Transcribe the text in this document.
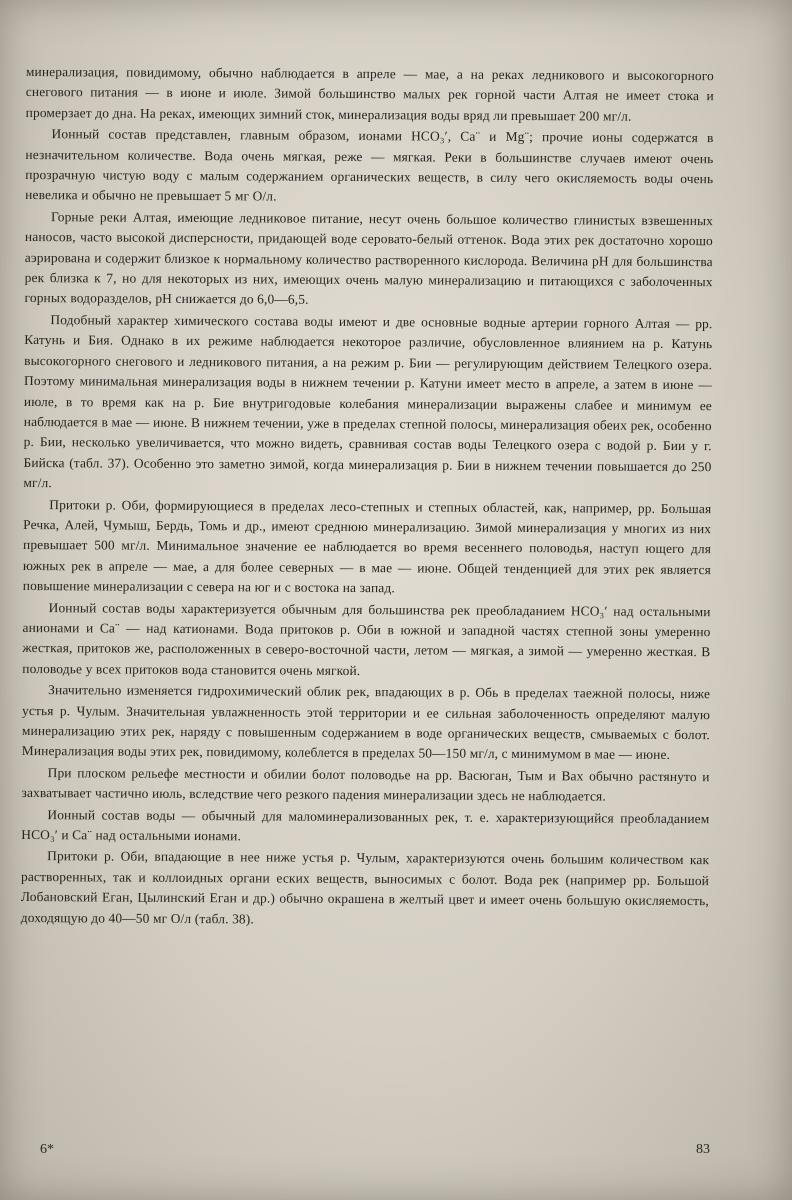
минерализация, повидимому, обычно наблюдается в апреле — мае, а на реках ледникового и высокогорного снегового питания — в июне и июле. Зимой большинство малых рек горной части Алтая не имеет стока и промерзает до дна. На реках, имеющих зимний сток, минерализация воды вряд ли превышает 200 мг/л.

Ионный состав представлен, главным образом, ионами HCO₃′, Ca¨ и Mg¨; прочие ионы содержатся в незначительном количестве. Вода очень мягкая, реже — мягкая. Реки в большинстве случаев имеют очень прозрачную чистую воду с малым содержанием органических веществ, в силу чего окисляемость воды очень невелика и обычно не превышает 5 мг O/л.

Горные реки Алтая, имеющие ледниковое питание, несут очень большое количество глинистых взвешенных наносов, часто высокой дисперсности, придающей воде серовато-белый оттенок. Вода этих рек достаточно хорошо аэрирована и содержит близкое к нормальному количество растворенного кислорода. Величина pH для большинства рек близка к 7, но для некоторых из них, имеющих очень малую минерализацию и питающихся с заболоченных горных водоразделов, pH снижается до 6,0—6,5.

Подобный характер химического состава воды имеют и две основные водные артерии горного Алтая — рр. Катунь и Бия. Однако в их режиме наблюдается некоторое различие, обусловленное влиянием на р. Катунь высокогорного снегового и ледникового питания, а на режим р. Бии — регулирующим действием Телецкого озера. Поэтому минимальная минерализация воды в нижнем течении р. Катуни имеет место в апреле, а затем в июне — июле, в то время как на р. Бие внутригодовые колебания минерализации выражены слабее и минимум ее наблюдается в мае — июне. В нижнем течении, уже в пределах степной полосы, минерализация обеих рек, особенно р. Бии, несколько увеличивается, что можно видеть, сравнивая состав воды Телецкого озера с водой р. Бии у г. Бийска (табл. 37). Особенно это заметно зимой, когда минерализация р. Бии в нижнем течении повышается до 250 мг/л.

Притоки р. Оби, формирующиеся в пределах лесо-степных и степных областей, как, например, рр. Большая Речка, Алей, Чумыш, Бердь, Томь и др., имеют среднюю минерализацию. Зимой минерализация у многих из них превышает 500 мг/л. Минимальное значение ее наблюдается во время весеннего половодья, наступ ющего для южных рек в апреле — мае, а для более северных — в мае — июне. Общей тенденцией для этих рек является повышение минерализации с севера на юг и с востока на запад.

Ионный состав воды характеризуется обычным для большинства рек преобладанием HCO₃′ над остальными анионами и Ca¨ — над катионами. Вода притоков р. Оби в южной и западной частях степной зоны умеренно жесткая, притоков же, расположенных в северо-восточной части, летом — мягкая, а зимой — умеренно жесткая. В половодье у всех притоков вода становится очень мягкой.

Значительно изменяется гидрохимический облик рек, впадающих в р. Обь в пределах таежной полосы, ниже устья р. Чулым. Значительная увлажненность этой территории и ее сильная заболоченность определяют малую минерализацию этих рек, наряду с повышенным содержанием в воде органических веществ, смываемых с болот. Минерализация воды этих рек, повидимому, колеблется в пределах 50—150 мг/л, с минимумом в мае — июне.

При плоском рельефе местности и обилии болот половодье на рр. Васюган, Тым и Вах обычно растянуто и захватывает частично июль, вследствие чего резкого падения минерализации здесь не наблюдается.

Ионный состав воды — обычный для маломинерализованных рек, т. е. характеризующийся преобладанием HCO₃′ и Ca¨ над остальными ионами.

Притоки р. Оби, впадающие в нее ниже устья р. Чулым, характеризуются очень большим количеством как растворенных, так и коллоидных органи еских веществ, выносимых с болот. Вода рек (например рр. Большой Лобановский Еган, Цылинский Еган и др.) обычно окрашена в желтый цвет и имеет очень большую окисляемость, доходящую до 40—50 мг O/л (табл. 38).

6*	83
